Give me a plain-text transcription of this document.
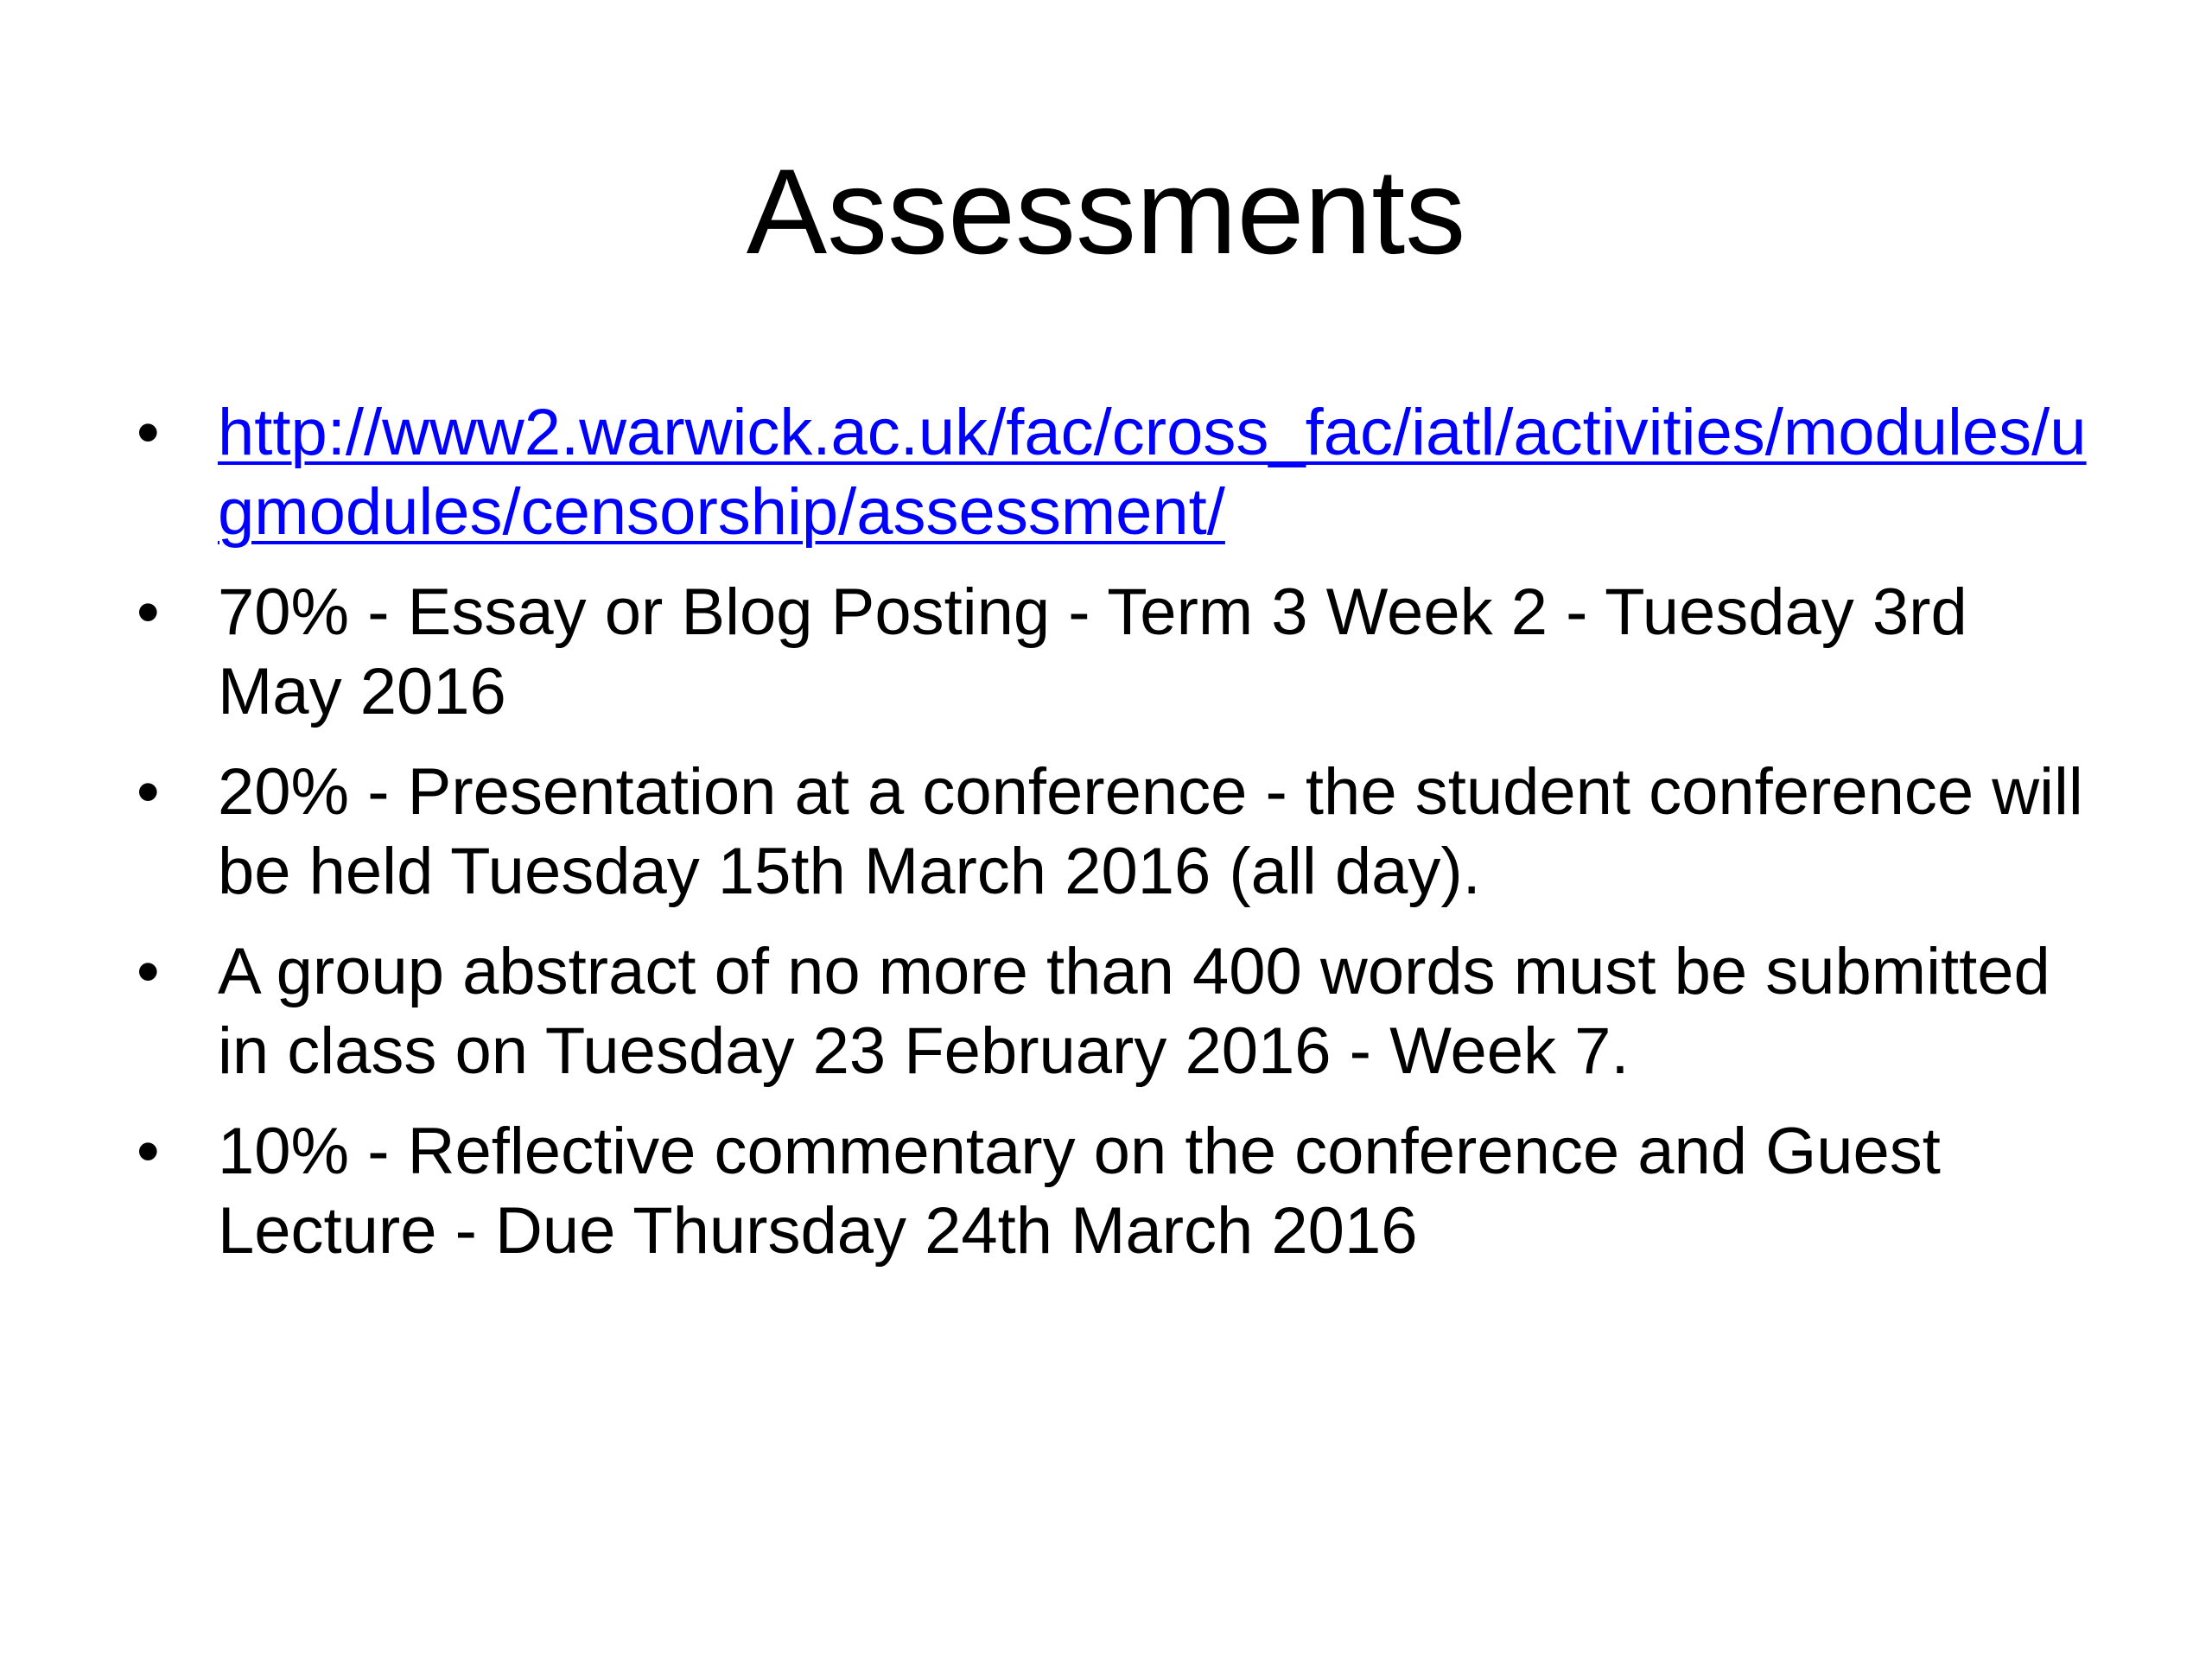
Assessments
• http://www2.warwick.ac.uk/fac/cross_fac/iatl/activities/modules/ugmodules/censorship/assessment/
• 70% - Essay or Blog Posting - Term 3 Week 2 - Tuesday 3rd May 2016
• 20% - Presentation at a conference - the student conference will be held Tuesday 15th March 2016 (all day).
• A group abstract of no more than 400 words must be submitted in class on Tuesday 23 February 2016 - Week 7.
• 10% - Reflective commentary on the conference and Guest Lecture - Due Thursday 24th March 2016
